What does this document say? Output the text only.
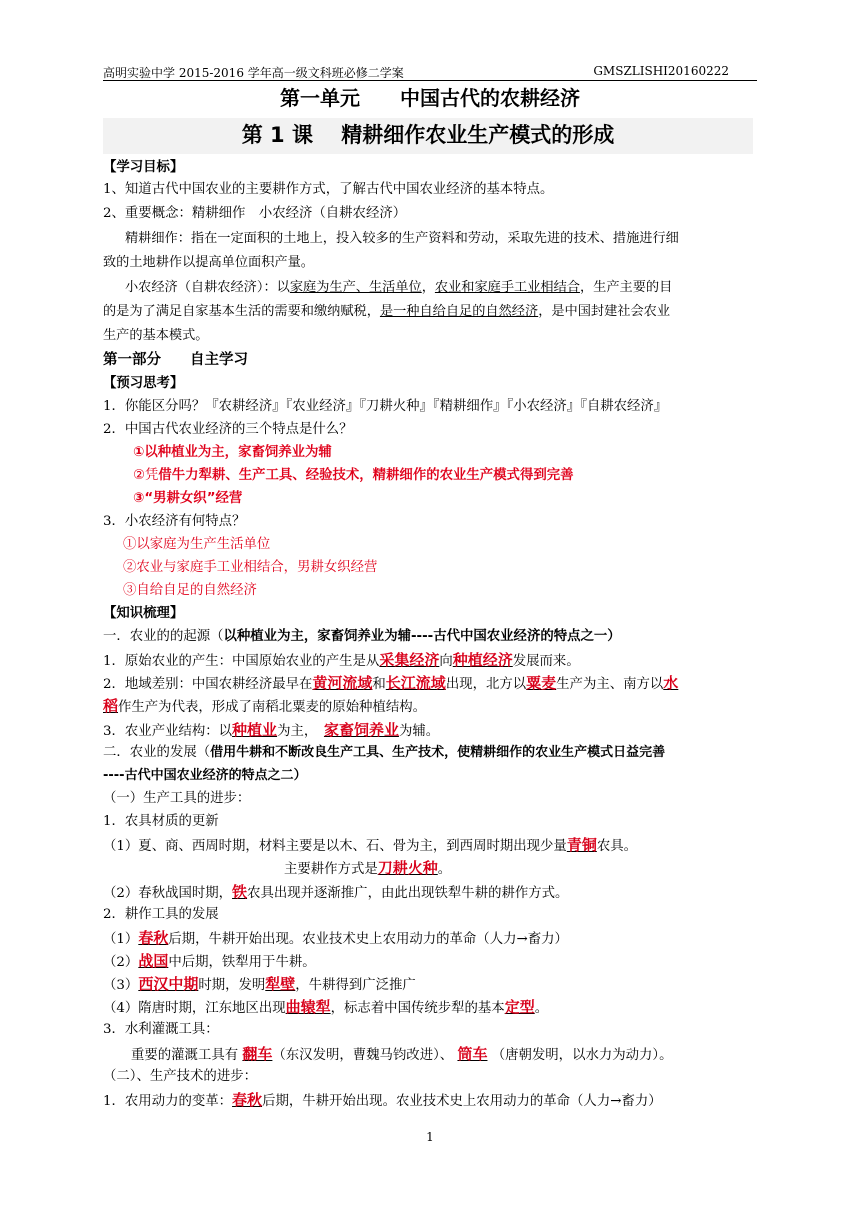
高明实验中学 2015-2016 学年高一级文科班必修二学案	GMSZLISHI20160222
第一单元　　中国古代的农耕经济
第 1 课　 精耕细作农业生产模式的形成
【学习目标】
1、知道古代中国农业的主要耕作方式，了解古代中国农业经济的基本特点。
2、重要概念：精耕细作　小农经济（自耕农经济）
精耕细作：指在一定面积的土地上，投入较多的生产资料和劳动，采取先进的技术、措施进行细
致的土地耕作以提高单位面积产量。
小农经济（自耕农经济）：以家庭为生产、生活单位，农业和家庭手工业相结合，生产主要的目
的是为了满足自家基本生活的需要和缴纳赋税，是一种自给自足的自然经济，是中国封建社会农业
生产的基本模式。
第一部分　　自主学习
【预习思考】
1．你能区分吗？『农耕经济』『农业经济』『刀耕火种』『精耕细作』『小农经济』『自耕农经济』
2．中国古代农业经济的三个特点是什么？
①以种植业为主，家畜饲养业为辅
②凭借牛力犁耕、生产工具、经验技术，精耕细作的农业生产模式得到完善
③“男耕女织”经营
3．小农经济有何特点？
①以家庭为生产生活单位
②农业与家庭手工业相结合，男耕女织经营
③自给自足的自然经济
【知识梳理】
一．农业的的起源（以种植业为主，家畜饲养业为辅----古代中国农业经济的特点之一）
1．原始农业的产生：中国原始农业的产生是从采集经济向种植经济发展而来。
2．地域差别：中国农耕经济最早在黄河流域和长江流域出现，北方以粟麦生产为主、南方以水
稻作生产为代表，形成了南稻北粟麦的原始种植结构。
3．农业产业结构：以种植业为主，　家畜饲养业为辅。
二．农业的发展（借用牛耕和不断改良生产工具、生产技术，使精耕细作的农业生产模式日益完善
----古代中国农业经济的特点之二）
（一）生产工具的进步：
1．农具材质的更新
（1）夏、商、西周时期，材料主要是以木、石、骨为主，到西周时期出现少量青铜农具。
主要耕作方式是刀耕火种。
（2）春秋战国时期，铁农具出现并逐渐推广，由此出现铁犁牛耕的耕作方式。
2．耕作工具的发展
（1）春秋后期，牛耕开始出现。农业技术史上农用动力的革命（人力→畜力）
（2）战国中后期，铁犁用于牛耕。
（3）西汉中期时期，发明犁壁，牛耕得到广泛推广
（4）隋唐时期，江东地区出现曲辕犁，标志着中国传统步犁的基本定型。
3．水利灌溉工具：
重要的灌溉工具有 翻车（东汉发明，曹魏马钧改进）、 筒车 （唐朝发明，以水力为动力）。
（二）、生产技术的进步：
1．农用动力的变革：春秋后期，牛耕开始出现。农业技术史上农用动力的革命（人力→畜力）
1
